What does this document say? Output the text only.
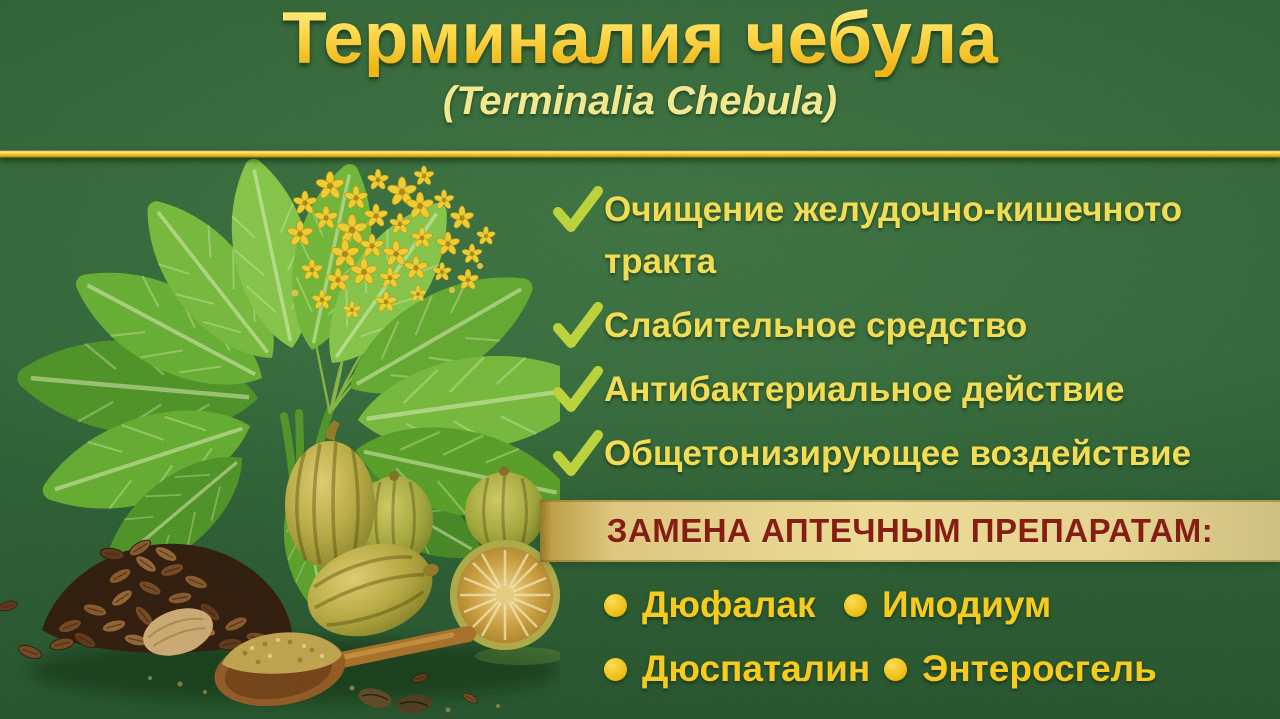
Терминалия чебула
(Terminalia Chebula)
Очищение желудочно-кишечното тракта
Слабительное средство
Антибактериальное действие
Общетонизирующее воздействие
ЗАМЕНА АПТЕЧНЫМ ПРЕПАРАТАМ:
Дюфалак Имодиум
Дюспаталин Энтеросгель
